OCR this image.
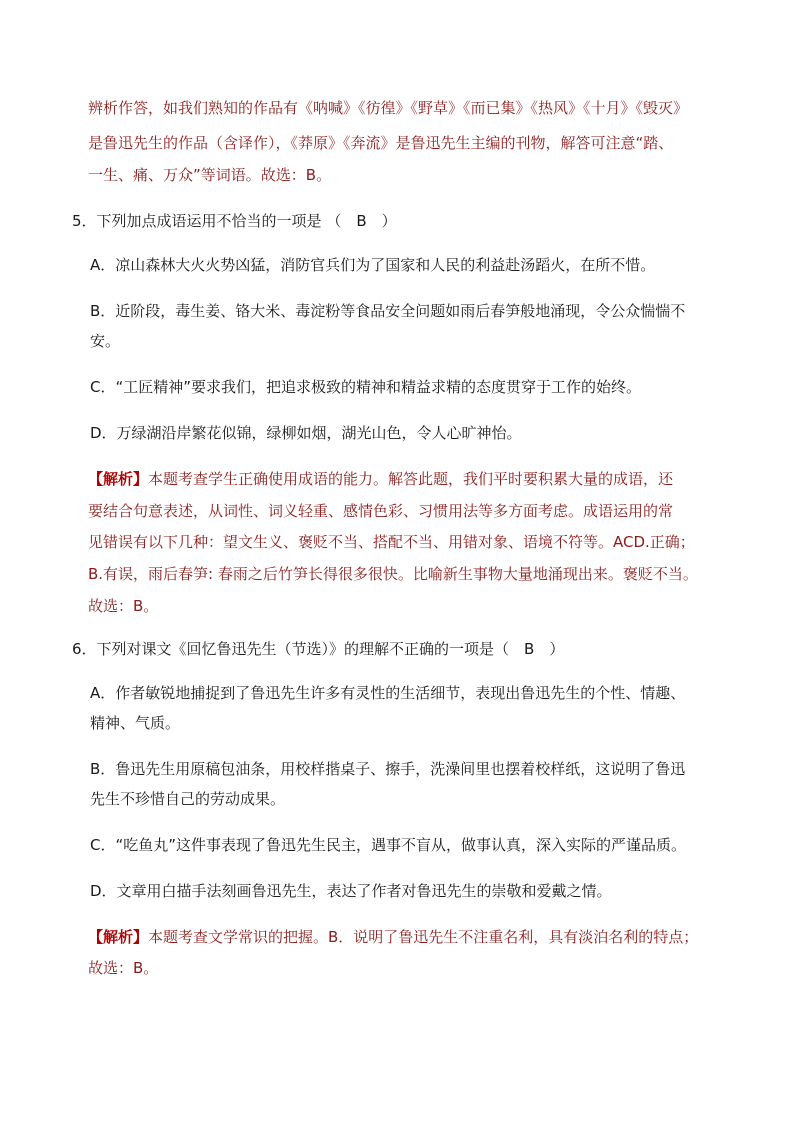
辨析作答，如我们熟知的作品有《呐喊》《彷徨》《野草》《而已集》《热风》《十月》《毁灭》
是鲁迅先生的作品（含译作），《莽原》《奔流》是鲁迅先生主编的刊物，解答可注意“踏、
一生、痛、万众”等词语。故选：B。
5．下列加点成语运用不恰当的一项是 （　B　）
A．凉山森林大火火势凶猛，消防官兵们为了国家和人民的利益赴汤蹈火，在所不惜。
B．近阶段，毒生姜、铬大米、毒淀粉等食品安全问题如雨后春笋般地涌现，令公众惴惴不
安。
C．“工匠精神”要求我们，把追求极致的精神和精益求精的态度贯穿于工作的始终。
D．万绿湖沿岸繁花似锦，绿柳如烟，湖光山色，令人心旷神怡。
【解析】本题考查学生正确使用成语的能力。解答此题，我们平时要积累大量的成语，还
要结合句意表述，从词性、词义轻重、感情色彩、习惯用法等多方面考虑。成语运用的常
见错误有以下几种：望文生义、褒贬不当、搭配不当、用错对象、语境不符等。ACD.正确；
B.有误，雨后春笋: 春雨之后竹笋长得很多很快。比喻新生事物大量地涌现出来。褒贬不当。
故选：B。
6．下列对课文《回忆鲁迅先生（节选）》的理解不正确的一项是（　B　）
A．作者敏锐地捕捉到了鲁迅先生许多有灵性的生活细节，表现出鲁迅先生的个性、情趣、
精神、气质。
B．鲁迅先生用原稿包油条，用校样揩桌子、擦手，洗澡间里也摆着校样纸，这说明了鲁迅
先生不珍惜自己的劳动成果。
C．“吃鱼丸”这件事表现了鲁迅先生民主，遇事不盲从，做事认真，深入实际的严谨品质。
D．文章用白描手法刻画鲁迅先生，表达了作者对鲁迅先生的崇敬和爱戴之情。
【解析】本题考查文学常识的把握。B．说明了鲁迅先生不注重名利，具有淡泊名利的特点；
故选：B。
